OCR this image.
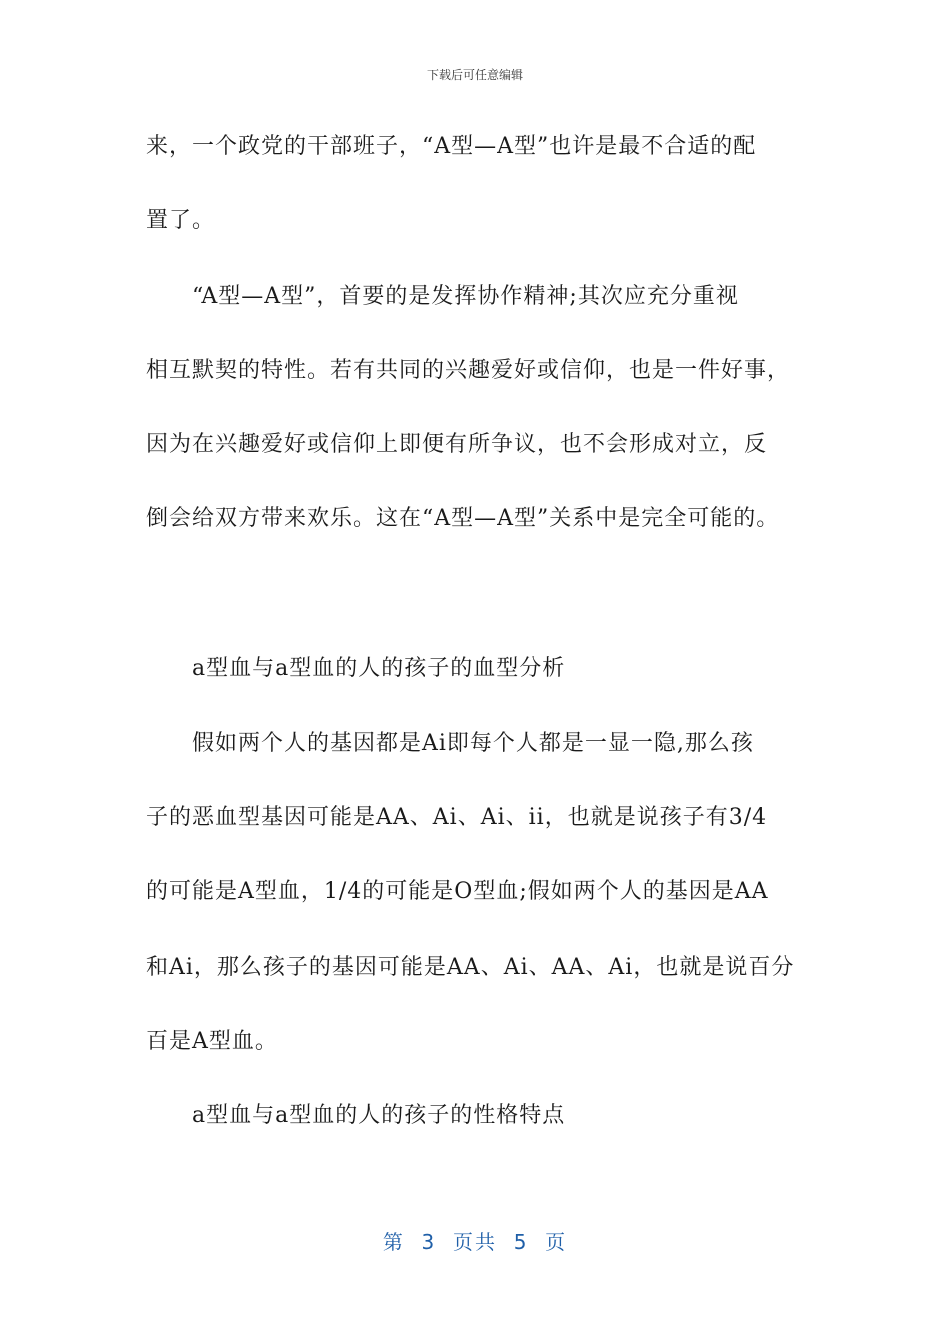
下载后可任意编辑
来，一个政党的干部班子，“A型—A型”也许是最不合适的配
置了。
“A型—A型”，首要的是发挥协作精神;其次应充分重视
相互默契的特性。若有共同的兴趣爱好或信仰，也是一件好事，
因为在兴趣爱好或信仰上即便有所争议，也不会形成对立，反
倒会给双方带来欢乐。这在“A型—A型”关系中是完全可能的。
a型血与a型血的人的孩子的血型分析
假如两个人的基因都是Ai即每个人都是一显一隐,那么孩
子的恶血型基因可能是AA、Ai、Ai、ii，也就是说孩子有3/4
的可能是A型血，1/4的可能是O型血;假如两个人的基因是AA
和Ai，那么孩子的基因可能是AA、Ai、AA、Ai，也就是说百分
百是A型血。
a型血与a型血的人的孩子的性格特点
第  3  页共  5  页
